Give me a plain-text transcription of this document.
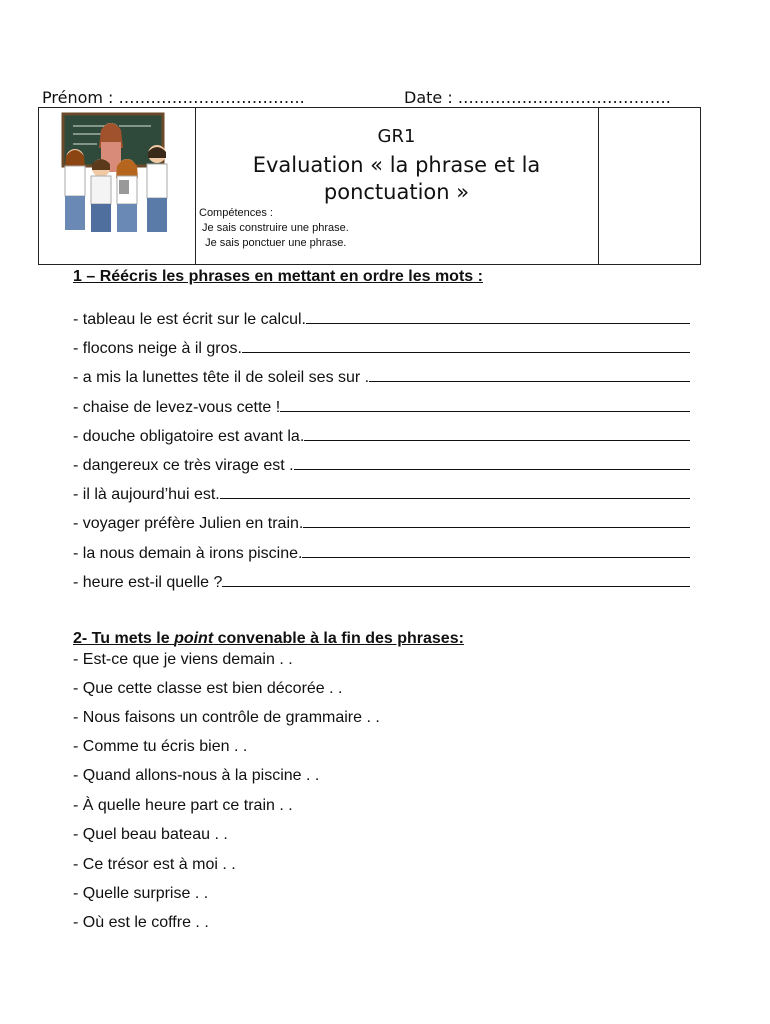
Prénom : ……………………………..	Date : ………………………………….
GR1
Evaluation « la phrase et la
ponctuation »
Compétences :
Je sais construire une phrase.
Je sais ponctuer une phrase.
1 – Réécris les phrases en mettant en ordre les mots :
- tableau le est écrit sur le calcul.
- flocons neige à il gros.
- a mis la lunettes tête il de soleil ses sur .
- chaise de levez-vous cette !
- douche obligatoire est avant la.
- dangereux ce très virage est .
- il là aujourd’hui est.
- voyager préfère Julien en train.
- la nous demain à irons piscine.
- heure est-il quelle ?
2- Tu mets le point convenable à la fin des phrases:
- Est-ce que je viens demain . .
- Que cette classe est bien décorée . .
- Nous faisons un contrôle de grammaire . .
- Comme tu écris bien . .
- Quand allons-nous à la piscine . .
- À quelle heure part ce train . .
- Quel beau bateau . .
- Ce trésor est à moi . .
- Quelle surprise . .
- Où est le coffre . .
